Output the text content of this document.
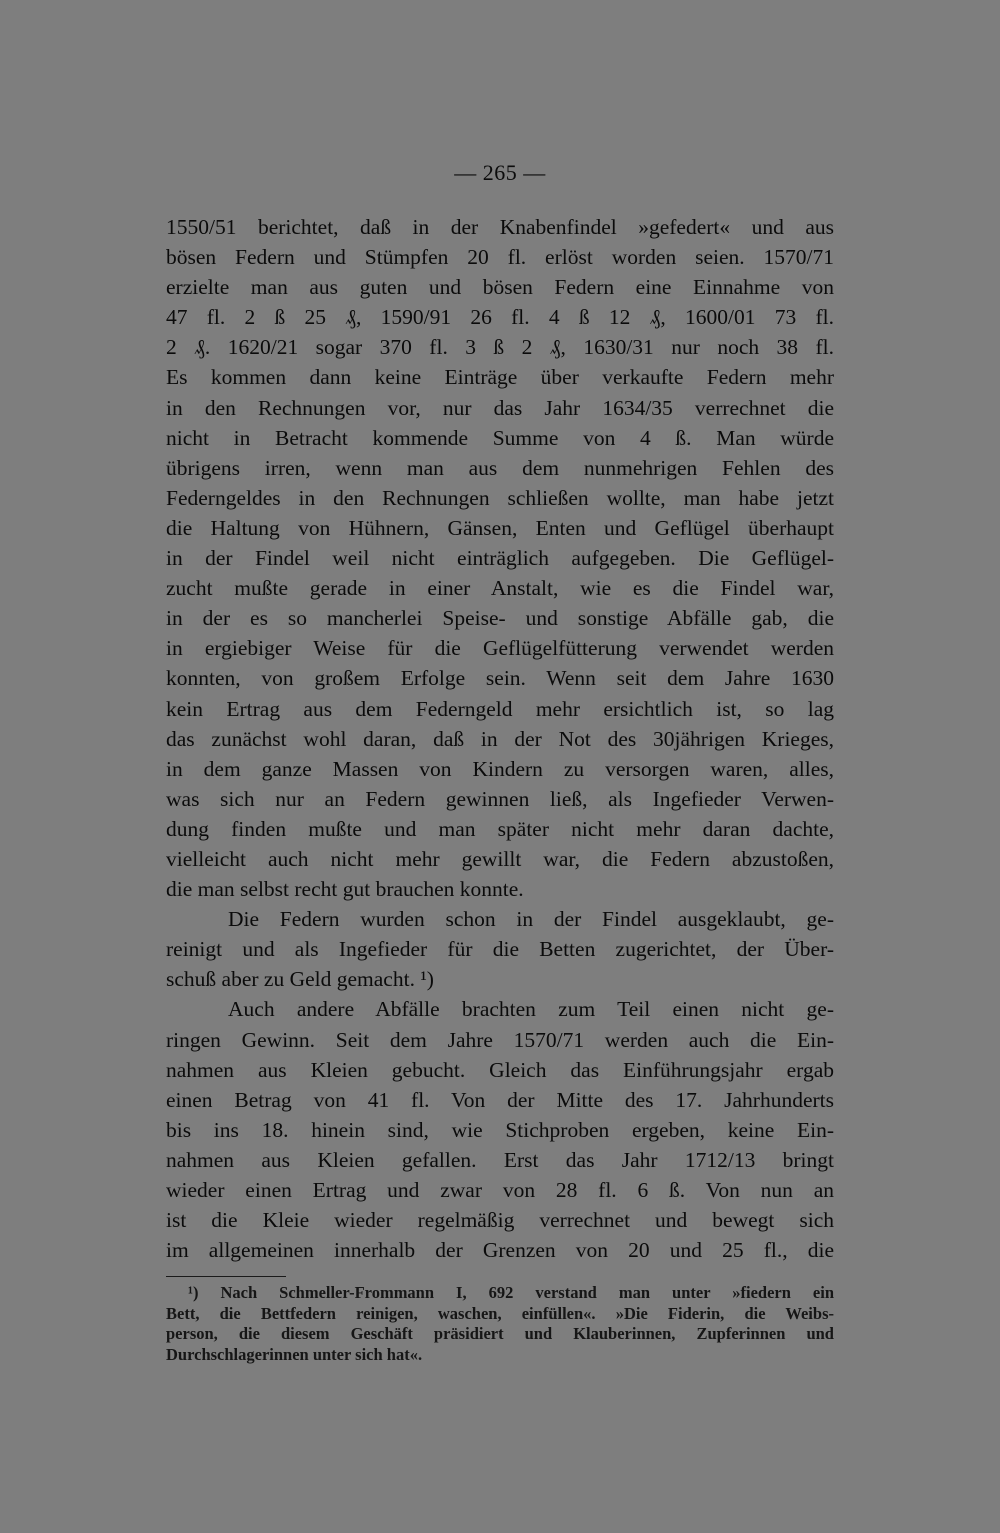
— 265 —
1550/51 berichtet, daß in der Knabenfindel »gefedert« und aus
bösen Federn und Stümpfen 20 fl. erlöst worden seien. 1570/71
erzielte man aus guten und bösen Federn eine Einnahme von
47 fl. 2 ß 25 ₰, 1590/91 26 fl. 4 ß 12 ₰, 1600/01 73 fl.
2 ₰. 1620/21 sogar 370 fl. 3 ß 2 ₰, 1630/31 nur noch 38 fl.
Es kommen dann keine Einträge über verkaufte Federn mehr
in den Rechnungen vor, nur das Jahr 1634/35 verrechnet die
nicht in Betracht kommende Summe von 4 ß. Man würde
übrigens irren, wenn man aus dem nunmehrigen Fehlen des
Federngeldes in den Rechnungen schließen wollte, man habe jetzt
die Haltung von Hühnern, Gänsen, Enten und Geflügel überhaupt
in der Findel weil nicht einträglich aufgegeben. Die Geflügel-
zucht mußte gerade in einer Anstalt, wie es die Findel war,
in der es so mancherlei Speise- und sonstige Abfälle gab, die
in ergiebiger Weise für die Geflügelfütterung verwendet werden
konnten, von großem Erfolge sein. Wenn seit dem Jahre 1630
kein Ertrag aus dem Federngeld mehr ersichtlich ist, so lag
das zunächst wohl daran, daß in der Not des 30jährigen Krieges,
in dem ganze Massen von Kindern zu versorgen waren, alles,
was sich nur an Federn gewinnen ließ, als Ingefieder Verwen-
dung finden mußte und man später nicht mehr daran dachte,
vielleicht auch nicht mehr gewillt war, die Federn abzustoßen,
die man selbst recht gut brauchen konnte.
Die Federn wurden schon in der Findel ausgeklaubt, ge-
reinigt und als Ingefieder für die Betten zugerichtet, der Über-
schuß aber zu Geld gemacht. ¹)
Auch andere Abfälle brachten zum Teil einen nicht ge-
ringen Gewinn. Seit dem Jahre 1570/71 werden auch die Ein-
nahmen aus Kleien gebucht. Gleich das Einführungsjahr ergab
einen Betrag von 41 fl. Von der Mitte des 17. Jahrhunderts
bis ins 18. hinein sind, wie Stichproben ergeben, keine Ein-
nahmen aus Kleien gefallen. Erst das Jahr 1712/13 bringt
wieder einen Ertrag und zwar von 28 fl. 6 ß. Von nun an
ist die Kleie wieder regelmäßig verrechnet und bewegt sich
im allgemeinen innerhalb der Grenzen von 20 und 25 fl., die
¹) Nach Schmeller-Frommann I, 692 verstand man unter »fiedern ein
Bett, die Bettfedern reinigen, waschen, einfüllen«. »Die Fiderin, die Weibs-
person, die diesem Geschäft präsidiert und Klauberinnen, Zupferinnen und
Durchschlagerinnen unter sich hat«.
